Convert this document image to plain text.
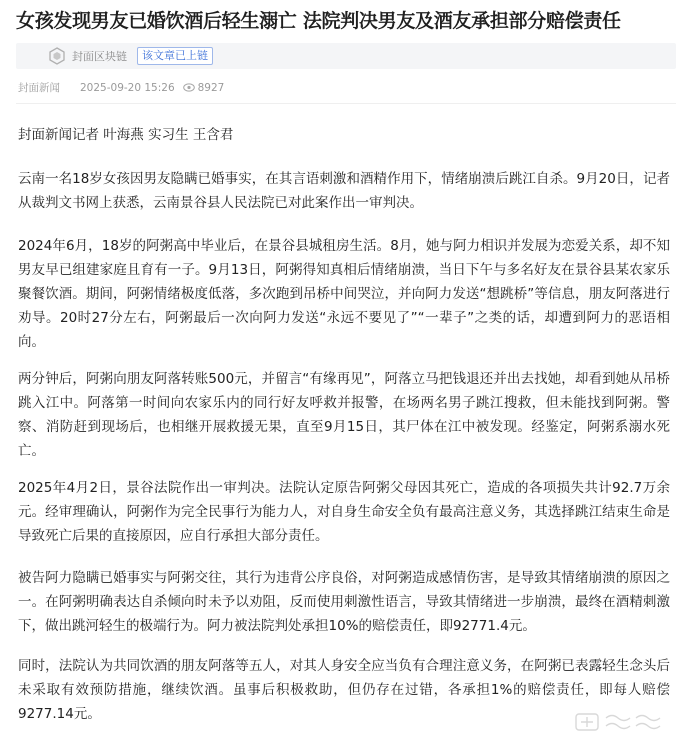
女孩发现男友已婚饮酒后轻生溺亡 法院判决男友及酒友承担部分赔偿责任
封面区块链	该文章已上链
封面新闻 2025-09-20 15:26 8927
封面新闻记者 叶海燕 实习生 王含君

云南一名18岁女孩因男友隐瞒已婚事实，在其言语刺激和酒精作用下，情绪崩溃后跳江自杀。9月20日，记者从裁判文书网上获悉，云南景谷县人民法院已对此案作出一审判决。

2024年6月，18岁的阿粥高中毕业后，在景谷县城租房生活。8月，她与阿力相识并发展为恋爱关系，却不知男友早已组建家庭且育有一子。9月13日，阿粥得知真相后情绪崩溃，当日下午与多名好友在景谷县某农家乐聚餐饮酒。期间，阿粥情绪极度低落，多次跑到吊桥中间哭泣，并向阿力发送“想跳桥”等信息，朋友阿落进行劝导。20时27分左右，阿粥最后一次向阿力发送“永远不要见了”“一辈子”之类的话，却遭到阿力的恶语相向。

两分钟后，阿粥向朋友阿落转账500元，并留言“有缘再见”，阿落立马把钱退还并出去找她，却看到她从吊桥跳入江中。阿落第一时间向农家乐内的同行好友呼救并报警，在场两名男子跳江搜救，但未能找到阿粥。警察、消防赶到现场后，也相继开展救援无果，直至9月15日，其尸体在江中被发现。经鉴定，阿粥系溺水死亡。

2025年4月2日，景谷法院作出一审判决。法院认定原告阿粥父母因其死亡，造成的各项损失共计92.7万余元。经审理确认，阿粥作为完全民事行为能力人，对自身生命安全负有最高注意义务，其选择跳江结束生命是导致死亡后果的直接原因，应自行承担大部分责任。

被告阿力隐瞒已婚事实与阿粥交往，其行为违背公序良俗，对阿粥造成感情伤害，是导致其情绪崩溃的原因之一。在阿粥明确表达自杀倾向时未予以劝阻，反而使用刺激性语言，导致其情绪进一步崩溃，最终在酒精刺激下，做出跳河轻生的极端行为。阿力被法院判处承担10%的赔偿责任，即92771.4元。

同时，法院认为共同饮酒的朋友阿落等五人，对其人身安全应当负有合理注意义务，在阿粥已表露轻生念头后未采取有效预防措施，继续饮酒。虽事后积极救助，但仍存在过错，各承担1%的赔偿责任，即每人赔偿9277.14元。
